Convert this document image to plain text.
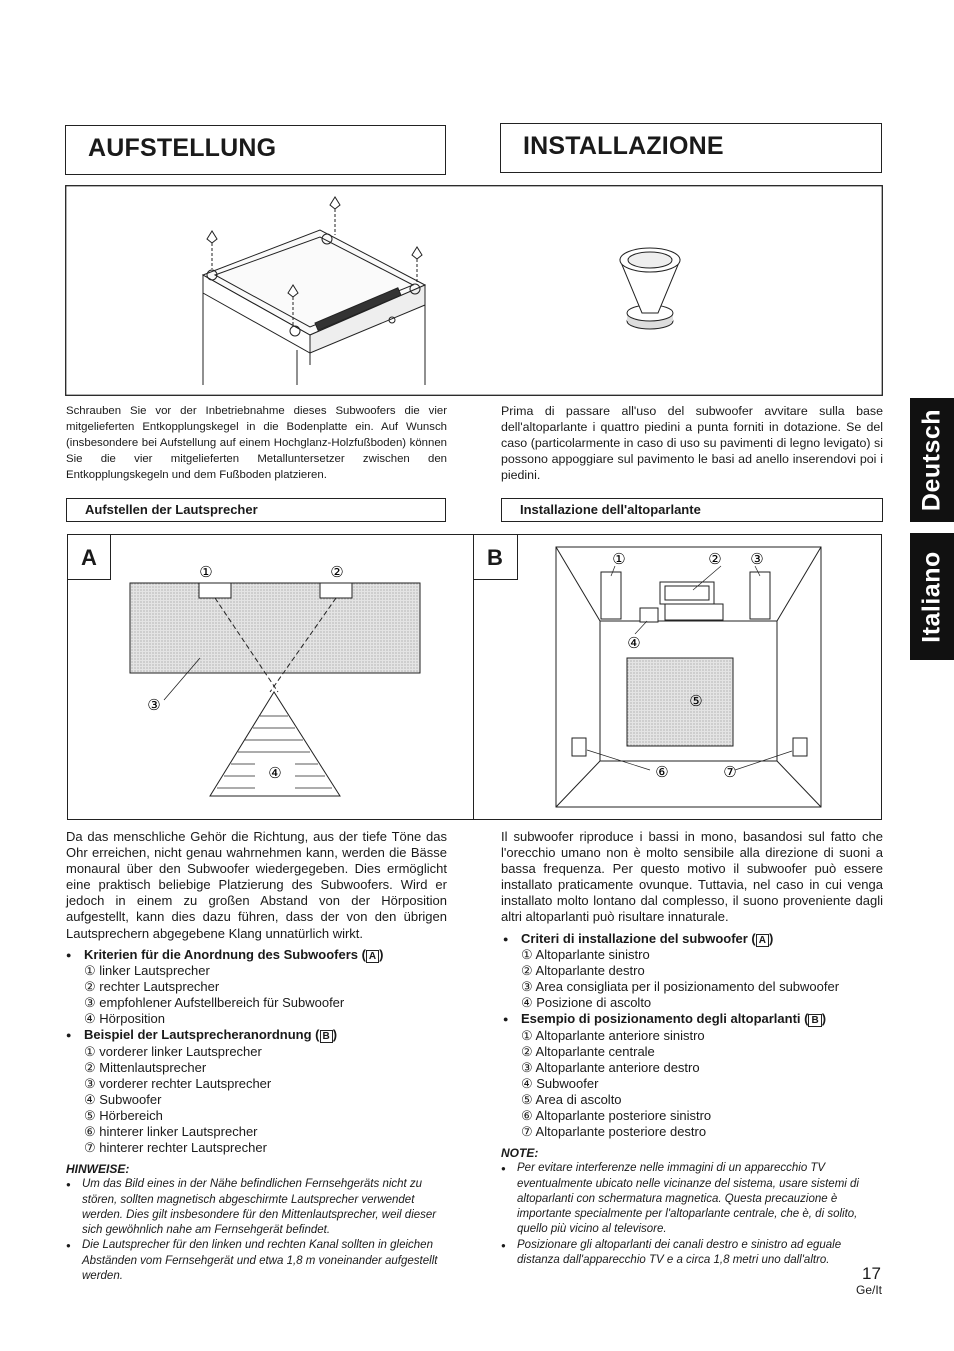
AUFSTELLUNG	INSTALLAZIONE
Deutsch
Italiano
Schrauben Sie vor der Inbetriebnahme dieses Subwoofers die vier mitgelieferten Entkopplungskegel in die Bodenplatte ein. Auf Wunsch (insbesondere bei Aufstellung auf einem Hochglanz-Holzfußboden) können Sie die vier mitgelieferten Metalluntersetzer zwischen den Entkopplungskegeln und dem Fußboden platzieren.
Prima di passare all'uso del subwoofer avvitare sulla base dell'altoparlante i quattro piedini a punta forniti in dotazione. Se del caso (particolarmente in caso di uso su pavimenti di legno levigato) si possono appoggiare sul pavimento le basi ad anello inserendovi poi i piedini.
Aufstellen der Lautsprecher	Installazione dell'altoparlante
A
①	②
③
④
B	①	② ③
④
⑤
⑥	⑦
Da das menschliche Gehör die Richtung, aus der tiefe Töne das Ohr erreichen, nicht genau wahrnehmen kann, werden die Bässe monaural über den Subwoofer wiedergegeben. Dies ermöglicht eine praktisch beliebige Platzierung des Subwoofers. Wird er jedoch in einem zu großen Abstand von der Hörposition aufgestellt, kann dies dazu führen, dass der von den übrigen Lautsprechern abgegebene Klang unnatürlich wirkt.
Il subwoofer riproduce i bassi in mono, basandosi sul fatto che l'orecchio umano non è molto sensibile alla direzione di suoni a bassa frequenza. Per questo motivo il subwoofer può essere installato praticamente ovunque. Tuttavia, nel caso in cui venga installato molto lontano dal complesso, il suono proveniente dagli altri altoparlanti può risultare innaturale.
● Kriterien für die Anordnung des Subwoofers ( A )
① linker Lautsprecher
② rechter Lautsprecher
③ empfohlener Aufstellbereich für Subwoofer
④ Hörposition
● Beispiel der Lautsprecheranordnung ( B )
① vorderer linker Lautsprecher
② Mittenlautsprecher
③ vorderer rechter Lautsprecher
④ Subwoofer
⑤ Hörbereich
⑥ hinterer linker Lautsprecher
⑦ hinterer rechter Lautsprecher
● Criteri di installazione del subwoofer ( A )
① Altoparlante sinistro
② Altoparlante destro
③ Area consigliata per il posizionamento del subwoofer
④ Posizione di ascolto
● Esempio di posizionamento degli altoparlanti ( B )
① Altoparlante anteriore sinistro
② Altoparlante centrale
③ Altoparlante anteriore destro
④ Subwoofer
⑤ Area di ascolto
⑥ Altoparlante posteriore sinistro
⑦ Altoparlante posteriore destro
HINWEISE:
● Um das Bild eines in der Nähe befindlichen Fernsehgeräts nicht zu stören, sollten magnetisch abgeschirmte Lautsprecher verwendet werden. Dies gilt insbesondere für den Mittenlautsprecher, weil dieser sich gewöhnlich nahe am Fernsehgerät befindet.
● Die Lautsprecher für den linken und rechten Kanal sollten in gleichen Abständen vom Fernsehgerät und etwa 1,8 m voneinander aufgestellt werden.
NOTE:
● Per evitare interferenze nelle immagini di un apparecchio TV eventualmente ubicato nelle vicinanze del sistema, usare sistemi di altoparlanti con schermatura magnetica. Questa precauzione è importante specialmente per l'altoparlante centrale, che è, di solito, quello più vicino al televisore.
● Posizionare gli altoparlanti dei canali destro e sinistro ad eguale distanza dall'apparecchio TV e a circa 1,8 metri uno dall'altro.
17
Ge/It
